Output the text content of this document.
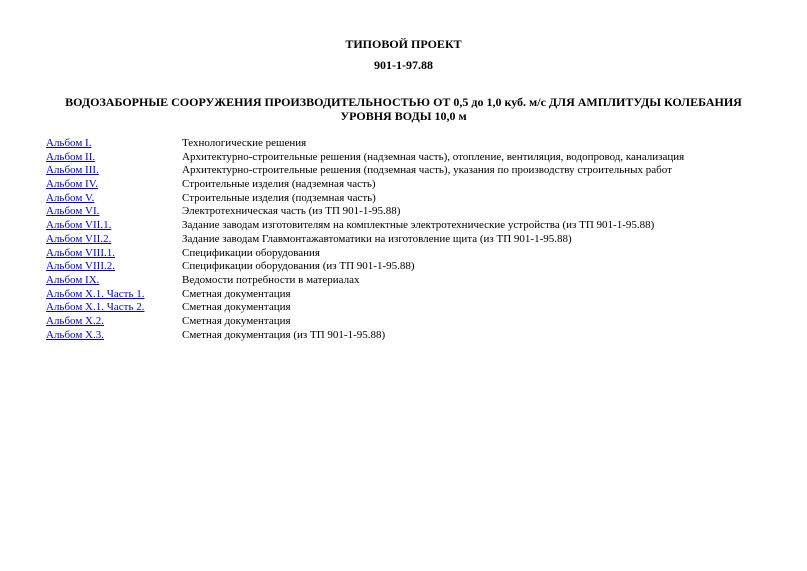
ТИПОВОЙ ПРОЕКТ
901-1-97.88
ВОДОЗАБОРНЫЕ СООРУЖЕНИЯ ПРОИЗВОДИТЕЛЬНОСТЬЮ ОТ 0,5 до 1,0 куб. м/с ДЛЯ АМПЛИТУДЫ КОЛЕБАНИЯ УРОВНЯ ВОДЫ 10,0 м
Альбом I.	Технологические решения
Альбом II.	Архитектурно-строительные решения (надземная часть), отопление, вентиляция, водопровод, канализация
Альбом III.	Архитектурно-строительные решения (подземная часть), указания по производству строительных работ
Альбом IV.	Строительные изделия (надземная часть)
Альбом V.	Строительные изделия (подземная часть)
Альбом VI.	Электротехническая часть (из ТП 901-1-95.88)
Альбом VII.1.	Задание заводам изготовителям на комплектные электротехнические устройства (из ТП 901-1-95.88)
Альбом VII.2.	Задание заводам Главмонтажавтоматики на изготовление щита (из ТП 901-1-95.88)
Альбом VIII.1.	Спецификации оборудования
Альбом VIII.2.	Спецификации оборудования (из ТП 901-1-95.88)
Альбом IX.	Ведомости потребности в материалах
Альбом X.1. Часть 1.	Сметная документация
Альбом X.1. Часть 2.	Сметная документация
Альбом X.2.	Сметная документация
Альбом X.3.	Сметная документация (из ТП 901-1-95.88)
